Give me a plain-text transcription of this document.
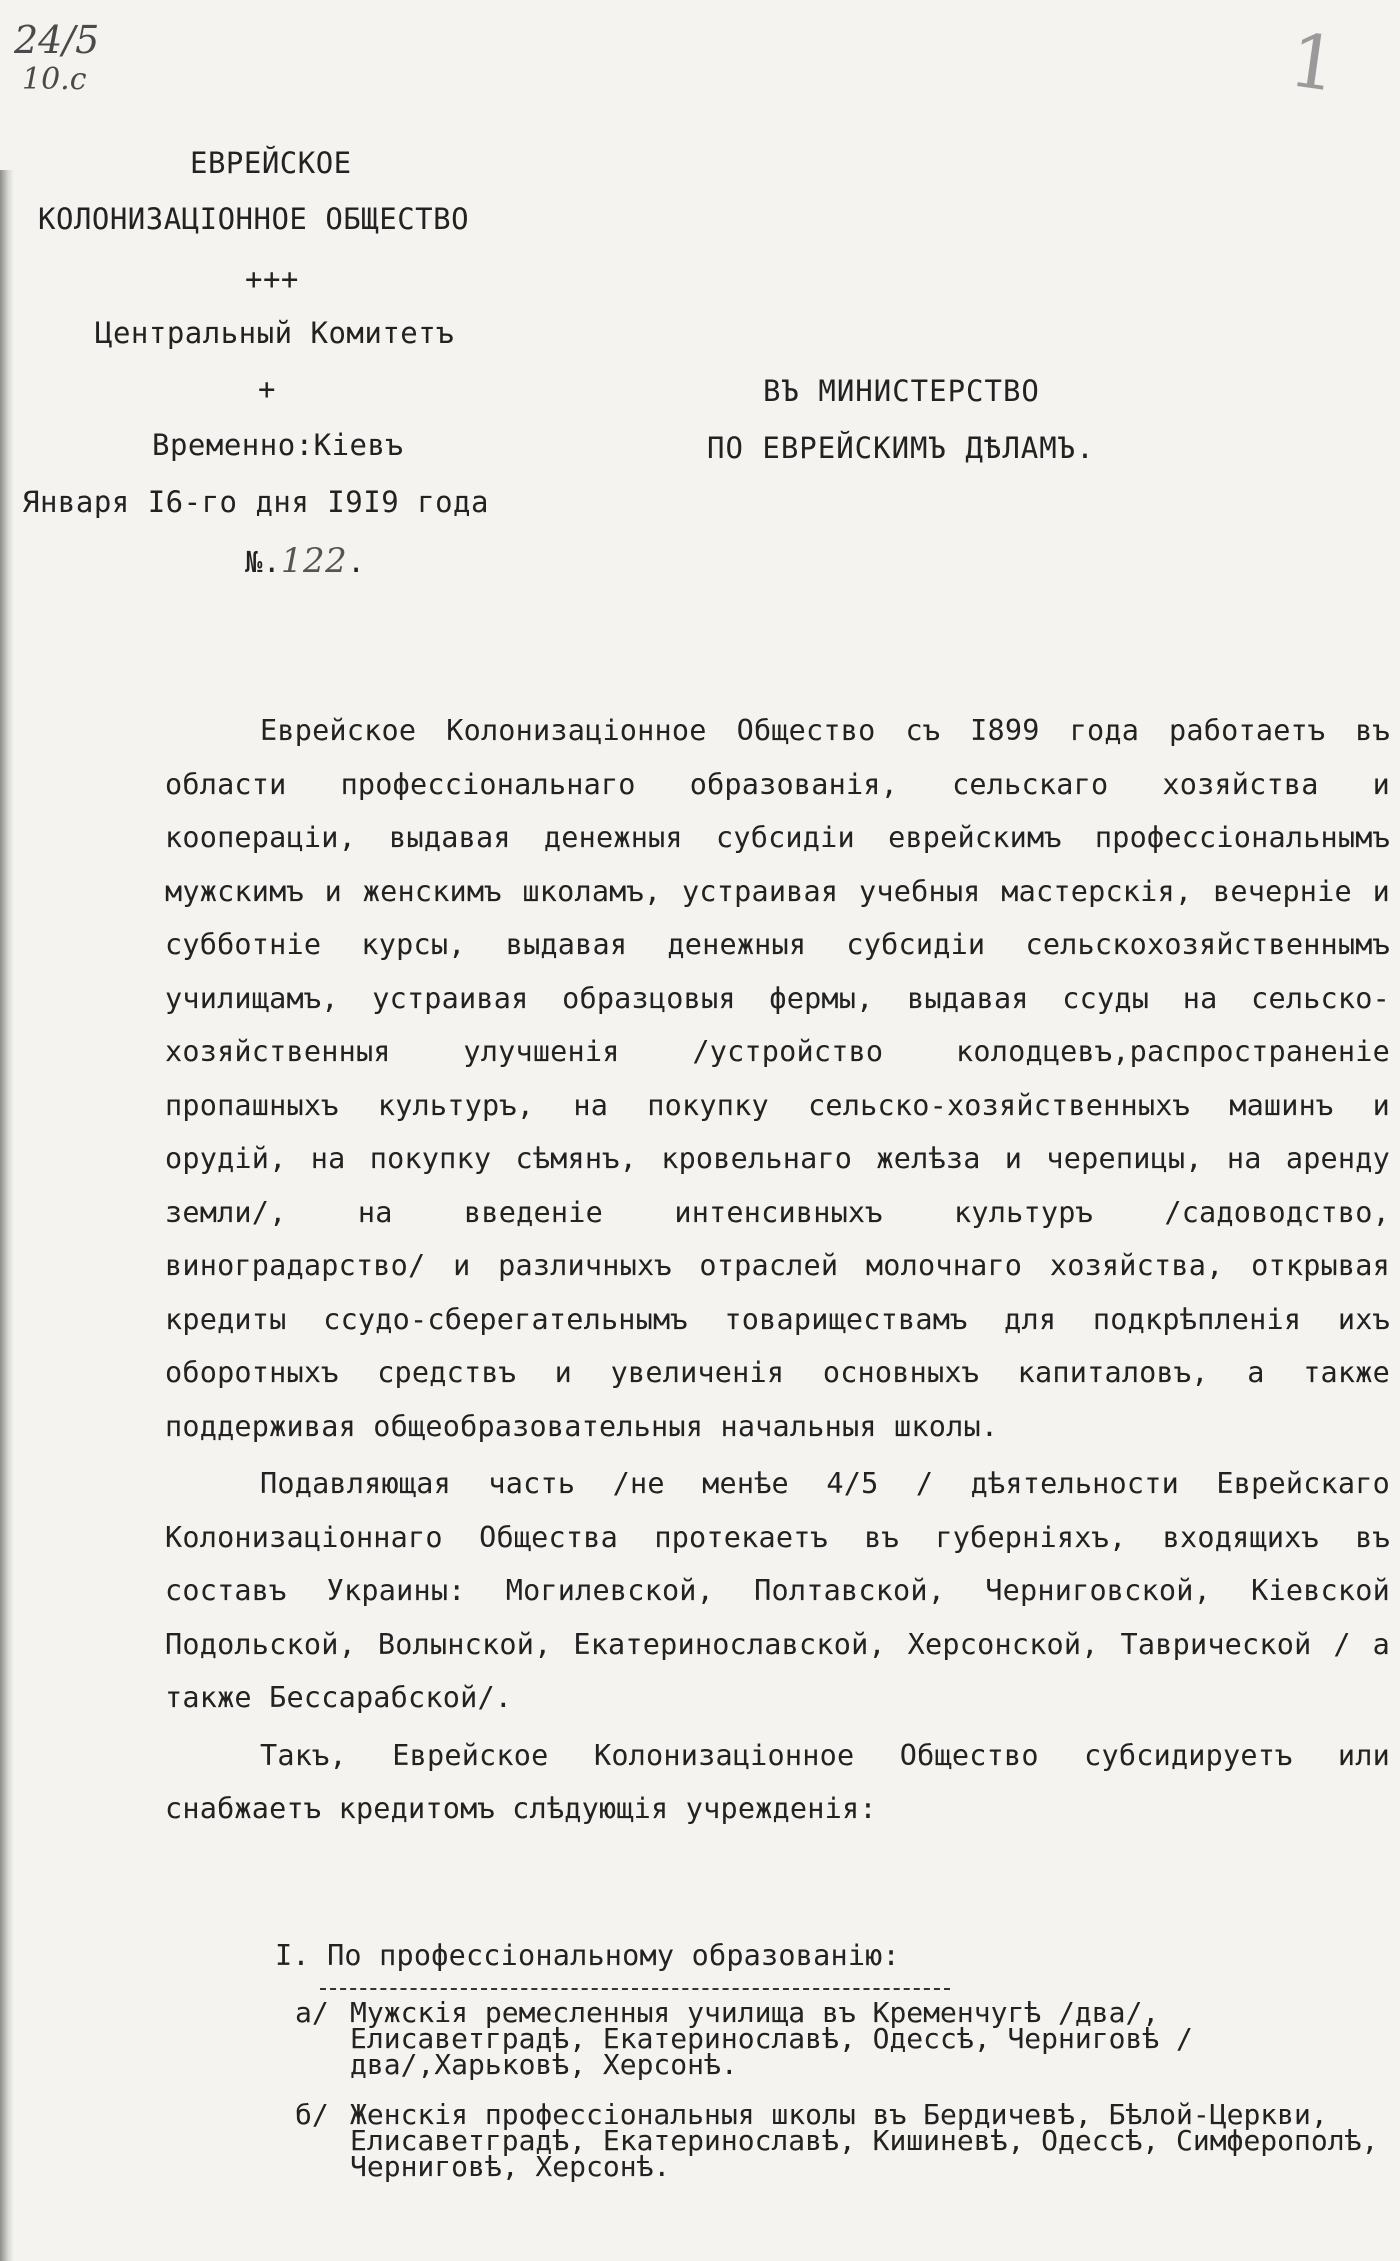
24/5
10.c	1
ЕВРЕЙСКОЕ
КОЛОНИЗАЦIОННОЕ ОБЩЕСТВО
+++
Центральный Комитетъ
+
Временно:Кiевъ
Января I6-го дня I9I9 года
№.122.
ВЪ МИНИСТЕРСТВО
ПО ЕВРЕЙСКИМЪ ДѢЛАМЪ.

Еврейское Колонизацiонное Общество съ I899 года работаетъ въ области профессiональнаго образованiя, сельскаго хозяйства и кооперацiи, выдавая денежныя субсидiи еврейскимъ профессiональнымъ мужскимъ и женскимъ школамъ, устраивая учебныя мастерскiя, вечернiе и субботнiе курсы, выдавая денежныя субсидiи сельскохозяйственнымъ училищамъ, устраивая образцовыя фермы, выдавая ссуды на сельско-хозяйственныя улучшенiя /устройство колодцевъ,распространенiе пропашныхъ культуръ, на покупку сельско-хозяйственныхъ машинъ и орудiй, на покупку сѣмянъ, кровельнаго желѣза и черепицы, на аренду земли/, на введенiе интенсивныхъ культуръ /садоводство, виноградарство/ и различныхъ отраслей молочнаго хозяйства, открывая кредиты ссудо-сберегательнымъ товариществамъ для подкрѣпленiя ихъ оборотныхъ средствъ и увеличенiя основныхъ капиталовъ, а также поддерживая общеобразовательныя начальныя школы.

Подавляющая часть /не менѣе 4/5 / дѣятельности Еврейскаго Колонизацiоннаго Общества протекаетъ въ губернiяхъ, входящихъ въ составъ Украины: Могилевской, Полтавской, Черниговской, Кiевской Подольской, Волынской, Екатеринославской, Херсонской, Таврической / а также Бессарабской/.

Такъ, Еврейское Колонизацiонное Общество субсидируетъ или снабжаетъ кредитомъ слѣдующiя учрежденiя:

I. По профессiональному образованiю:
а/ Мужскiя ремесленныя училища въ Кременчугѣ /два/, Елисаветградѣ, Екатеринославѣ, Одессѣ, Черниговѣ /два/,Харьковѣ, Херсонѣ.
б/ Женскiя профессiональныя школы въ Бердичевѣ, Бѣлой-Церкви, Елисаветградѣ, Екатеринославѣ, Кишиневѣ, Одессѣ, Симферополѣ, Черниговѣ, Херсонѣ.
